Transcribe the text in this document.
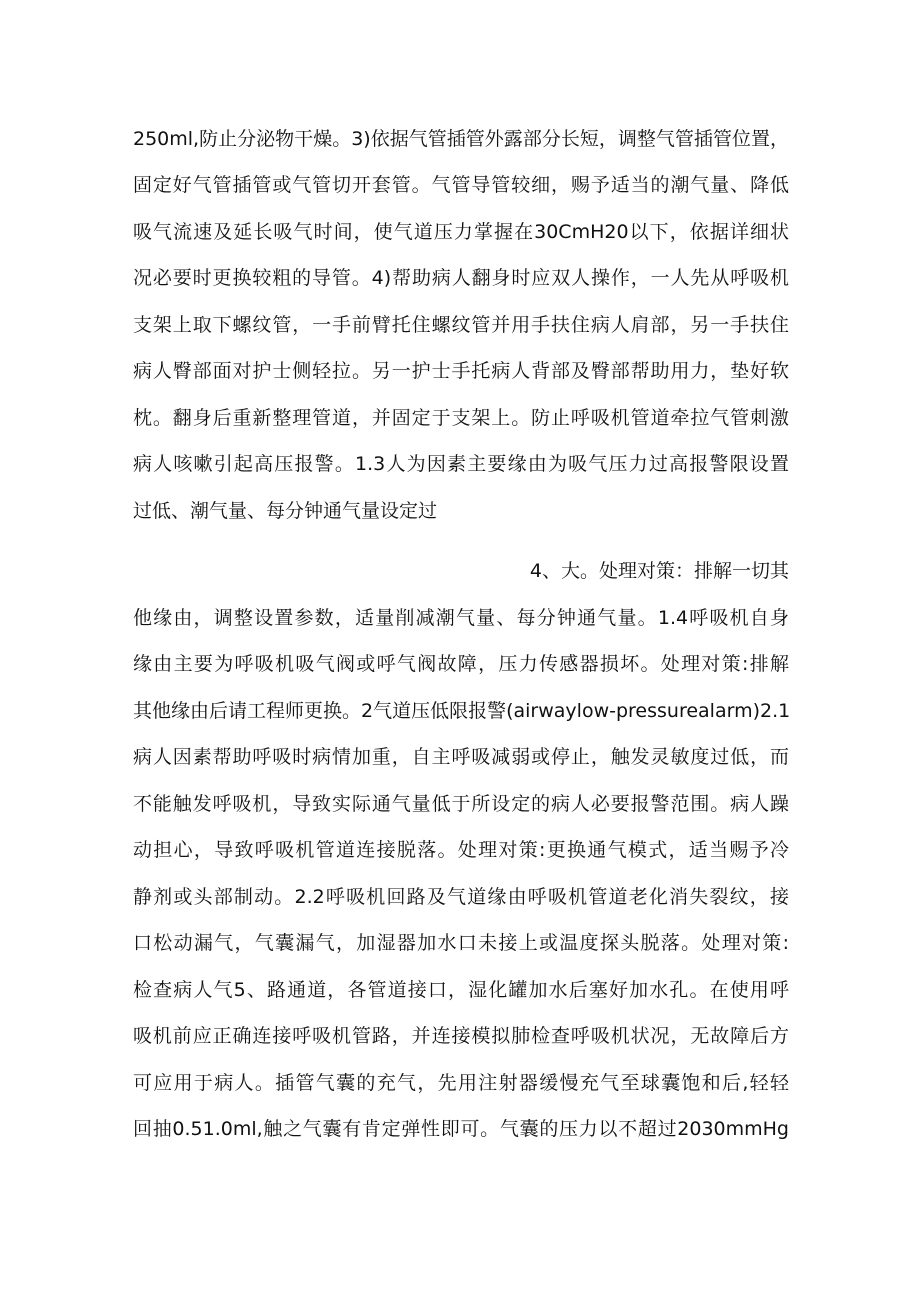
250ml,防止分泌物干燥。3)依据气管插管外露部分长短，调整气管插管位置，
固定好气管插管或气管切开套管。气管导管较细，赐予适当的潮气量、降低
吸气流速及延长吸气时间，使气道压力掌握在30CmH20以下，依据详细状
况必要时更换较粗的导管。4)帮助病人翻身时应双人操作，一人先从呼吸机
支架上取下螺纹管，一手前臂托住螺纹管并用手扶住病人肩部，另一手扶住
病人臀部面对护士侧轻拉。另一护士手托病人背部及臀部帮助用力，垫好软
枕。翻身后重新整理管道，并固定于支架上。防止呼吸机管道牵拉气管刺激
病人咳嗽引起高压报警。1.3人为因素主要缘由为吸气压力过高报警限设置
过低、潮气量、每分钟通气量设定过
4、大。处理对策：排解一切其
他缘由，调整设置参数，适量削减潮气量、每分钟通气量。1.4呼吸机自身
缘由主要为呼吸机吸气阀或呼气阀故障，压力传感器损坏。处理对策:排解
其他缘由后请工程师更换。2气道压低限报警(airwaylow-pressurealarm)2.1
病人因素帮助呼吸时病情加重，自主呼吸减弱或停止，触发灵敏度过低，而
不能触发呼吸机，导致实际通气量低于所设定的病人必要报警范围。病人躁
动担心，导致呼吸机管道连接脱落。处理对策:更换通气模式，适当赐予冷
静剂或头部制动。2.2呼吸机回路及气道缘由呼吸机管道老化消失裂纹，接
口松动漏气，气囊漏气，加湿器加水口未接上或温度探头脱落。处理对策:
检查病人气5、路通道，各管道接口，湿化罐加水后塞好加水孔。在使用呼
吸机前应正确连接呼吸机管路，并连接模拟肺检查呼吸机状况，无故障后方
可应用于病人。插管气囊的充气，先用注射器缓慢充气至球囊饱和后,轻轻
回抽0.51.0ml,触之气囊有肯定弹性即可。气囊的压力以不超过2030mmHg
